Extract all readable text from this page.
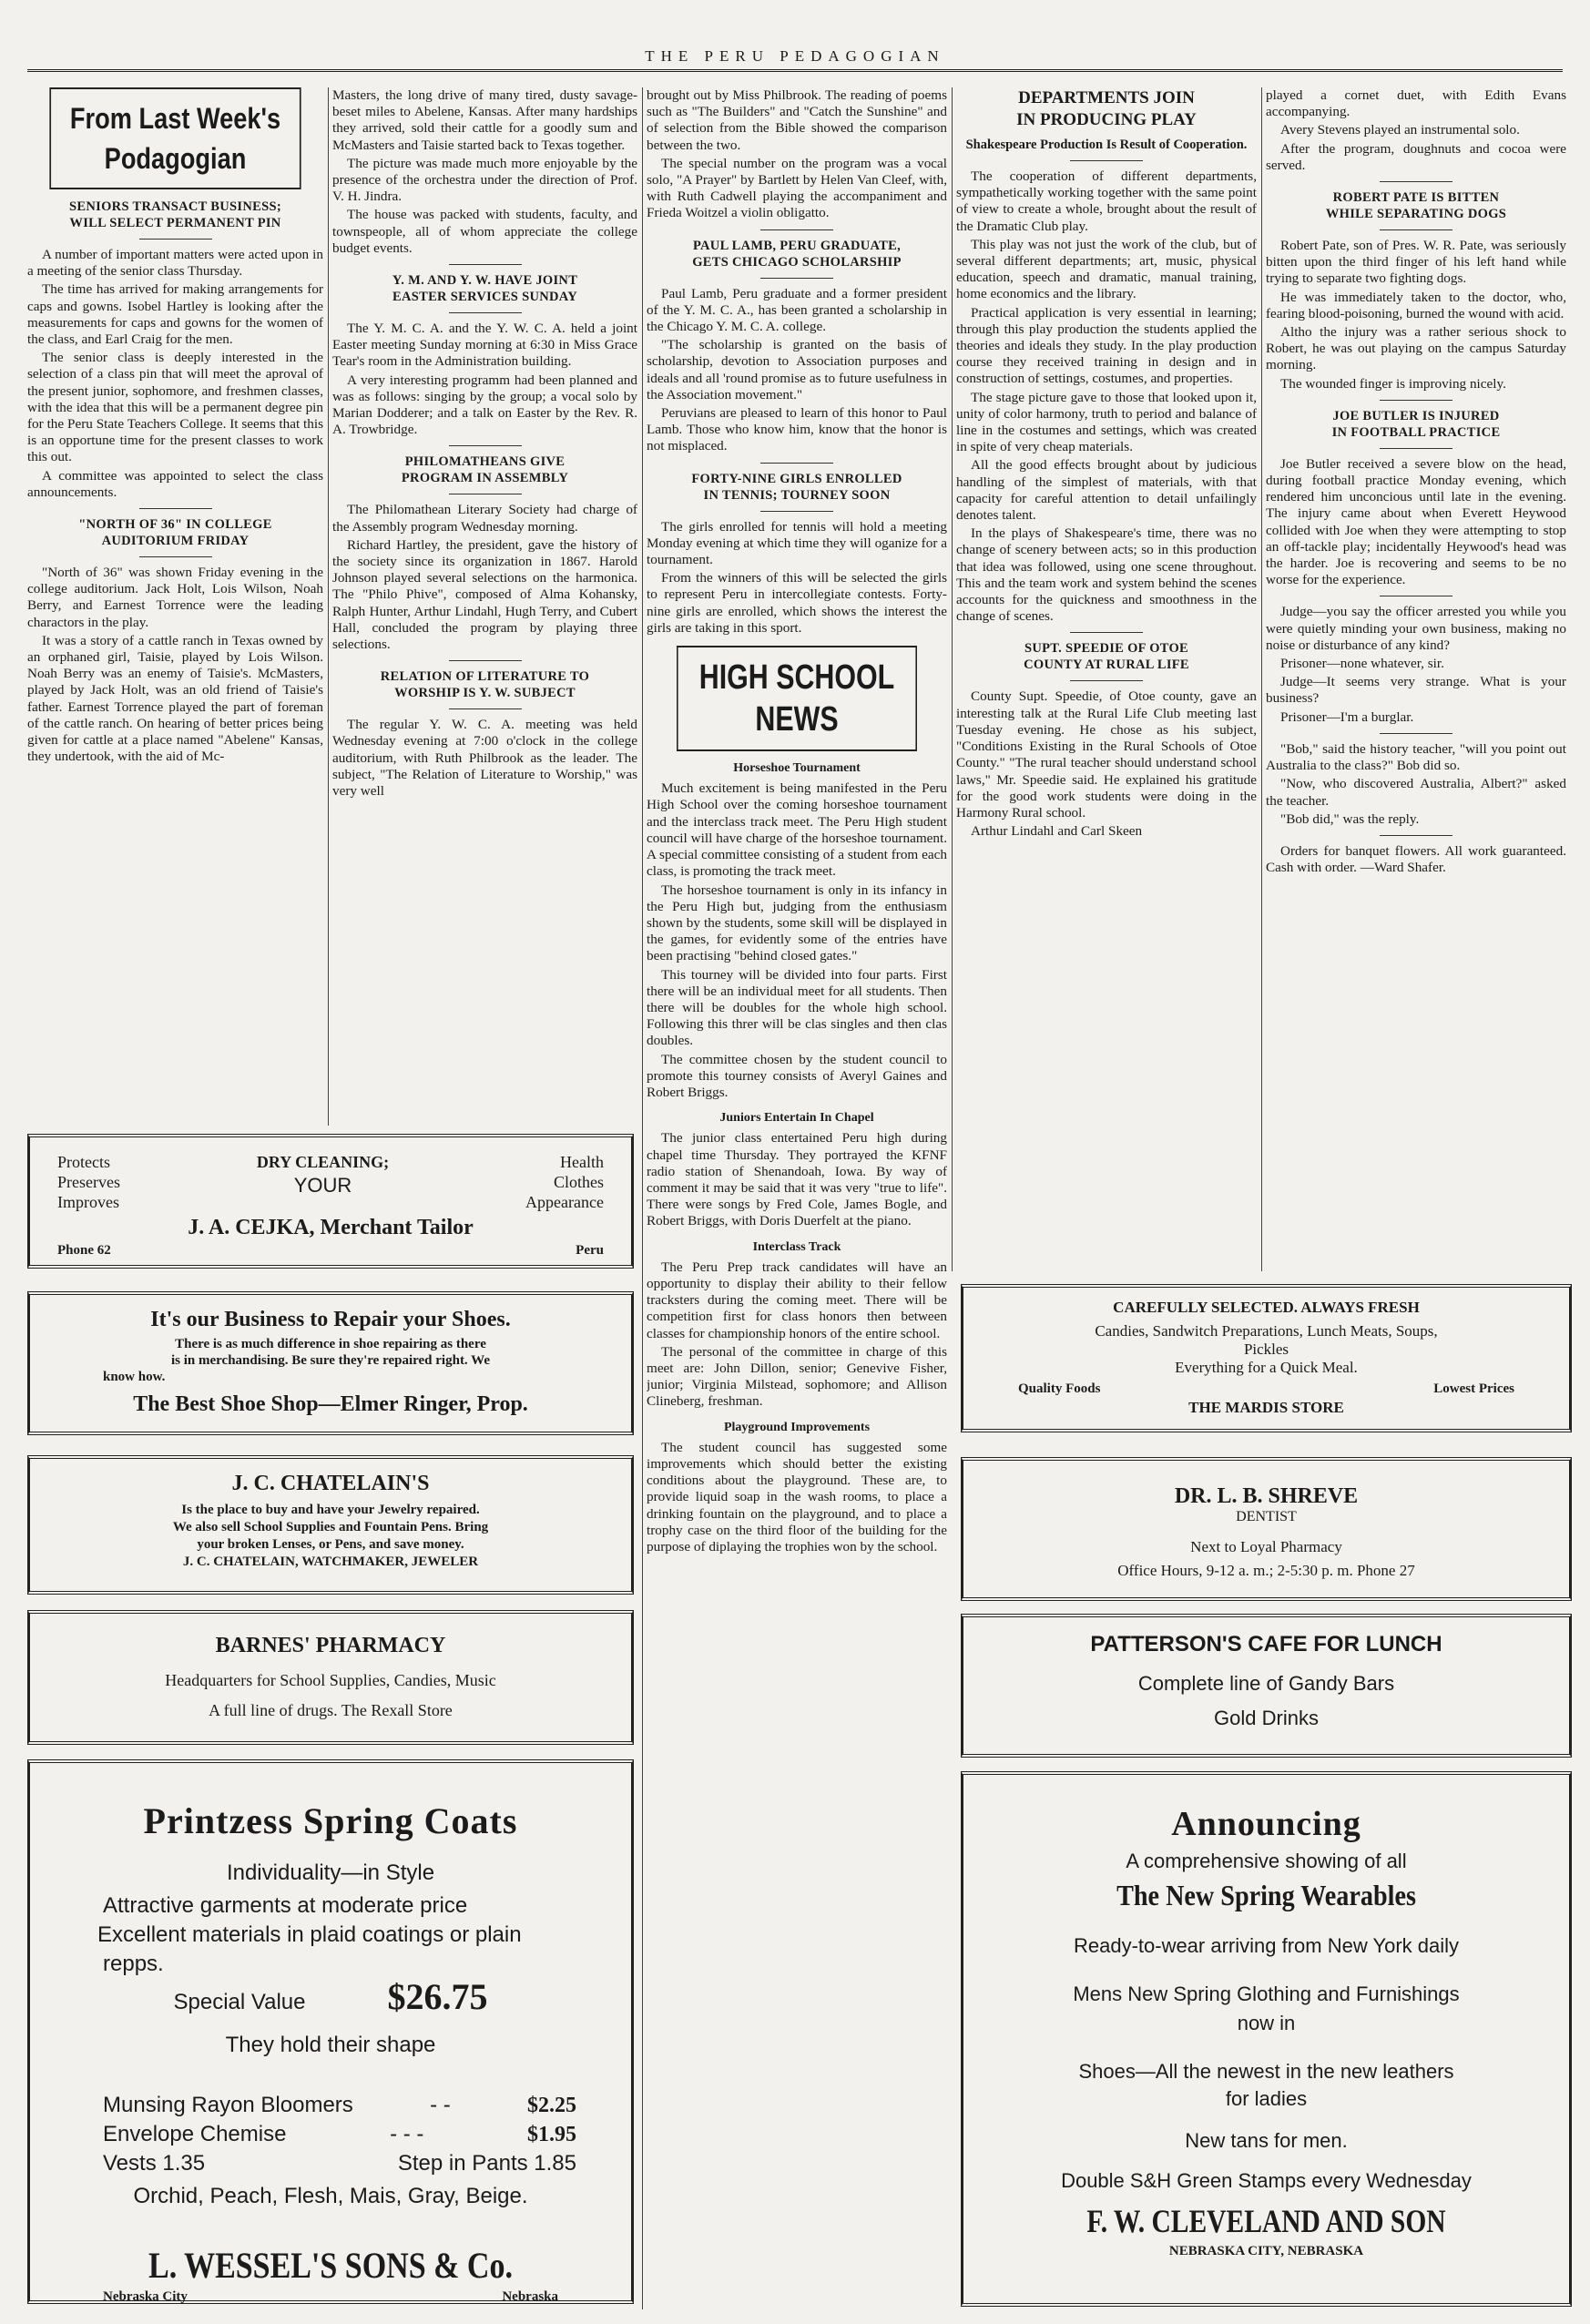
THE PERU PEDAGOGIAN
From Last Week's
Podagogian
SENIORS TRANSACT BUSINESS;
WILL SELECT PERMANENT PIN

A number of important matters were acted upon in a meeting of the senior class Thursday.

The time has arrived for making arrangements for caps and gowns. Isobel Hartley is looking after the measurements for caps and gowns for the women of the class, and Earl Craig for the men.

The senior class is deeply interested in the selection of a class pin that will meet the aproval of the present junior, sophomore, and freshmen classes, with the idea that this will be a permanent degree pin for the Peru State Teachers College. It seems that this is an opportune time for the present classes to work this out.

A committee was appointed to select the class announcements.

"NORTH OF 36" IN COLLEGE
AUDITORIUM FRIDAY

"North of 36" was shown Friday evening in the college auditorium. Jack Holt, Lois Wilson, Noah Berry, and Earnest Torrence were the leading charactors in the play.

It was a story of a cattle ranch in Texas owned by an orphaned girl, Taisie, played by Lois Wilson. Noah Berry was an enemy of Taisie's. McMasters, played by Jack Holt, was an old friend of Taisie's father. Earnest Torrence played the part of foreman of the cattle ranch. On hearing of better prices being given for cattle at a place named "Abelene" Kansas, they undertook, with the aid of Mc-

Masters, the long drive of many tired, dusty savage-beset miles to Abelene, Kansas. After many hardships they arrived, sold their cattle for a goodly sum and McMasters and Taisie started back to Texas together.

The picture was made much more enjoyable by the presence of the orchestra under the direction of Prof. V. H. Jindra.

The house was packed with students, faculty, and townspeople, all of whom appreciate the college budget events.

Y. M. AND Y. W. HAVE JOINT
EASTER SERVICES SUNDAY

The Y. M. C. A. and the Y. W. C. A. held a joint Easter meeting Sunday morning at 6:30 in Miss Grace Tear's room in the Administration building.

A very interesting programm had been planned and was as follows: singing by the group; a vocal solo by Marian Dodderer; and a talk on Easter by the Rev. R. A. Trowbridge.

PHILOMATHEANS GIVE
PROGRAM IN ASSEMBLY

The Philomathean Literary Society had charge of the Assembly program Wednesday morning.

Richard Hartley, the president, gave the history of the society since its organization in 1867. Harold Johnson played several selections on the harmonica. The "Philo Phive", composed of Alma Kohansky, Ralph Hunter, Arthur Lindahl, Hugh Terry, and Cubert Hall, concluded the program by playing three selections.

RELATION OF LITERATURE TO
WORSHIP IS Y. W. SUBJECT

The regular Y. W. C. A. meeting was held Wednesday evening at 7:00 o'clock in the college auditorium, with Ruth Philbrook as the leader. The subject, "The Relation of Literature to Worship," was very well

brought out by Miss Philbrook. The reading of poems such as "The Builders" and "Catch the Sunshine" and of selection from the Bible showed the comparison between the two.

The special number on the program was a vocal solo, "A Prayer" by Bartlett by Helen Van Cleef, with, with Ruth Cadwell playing the accompaniment and Frieda Woitzel a violin obligatto.

PAUL LAMB, PERU GRADUATE,
GETS CHICAGO SCHOLARSHIP

Paul Lamb, Peru graduate and a former president of the Y. M. C. A., has been granted a scholarship in the Chicago Y. M. C. A. college.

"The scholarship is granted on the basis of scholarship, devotion to Association purposes and ideals and all 'round promise as to future usefulness in the Association movement."

Peruvians are pleased to learn of this honor to Paul Lamb. Those who know him, know that the honor is not misplaced.

FORTY-NINE GIRLS ENROLLED
IN TENNIS; TOURNEY SOON

The girls enrolled for tennis will hold a meeting Monday evening at which time they will oganize for a tournament.

From the winners of this will be selected the girls to represent Peru in intercollegiate contests. Forty-nine girls are enrolled, which shows the interest the girls are taking in this sport.

HIGH SCHOOL
NEWS
Horseshoe Tournament

Much excitement is being manifested in the Peru High School over the coming horseshoe tournament and the interclass track meet. The Peru High student council will have charge of the horseshoe tournament. A special committee consisting of a student from each class, is promoting the track meet.

The horseshoe tournament is only in its infancy in the Peru High but, judging from the enthusiasm shown by the students, some skill will be displayed in the games, for evidently some of the entries have been practising "behind closed gates."

This tourney will be divided into four parts. First there will be an individual meet for all students. Then there will be doubles for the whole high school. Following this threr will be clas singles and then clas doubles.

The committee chosen by the student council to promote this tourney consists of Averyl Gaines and Robert Briggs.

Juniors Entertain In Chapel

The junior class entertained Peru high during chapel time Thursday. They portrayed the KFNF radio station of Shenandoah, Iowa. By way of comment it may be said that it was very "true to life". There were songs by Fred Cole, James Bogle, and Robert Briggs, with Doris Duerfelt at the piano.

Interclass Track

The Peru Prep track candidates will have an opportunity to display their ability to their fellow tracksters during the coming meet. There will be competition first for class honors then between classes for championship honors of the entire school.

The personal of the committee in charge of this meet are: John Dillon, senior; Genevive Fisher, junior; Virginia Milstead, sophomore; and Allison Clineberg, freshman.

Playground Improvements

The student council has suggested some improvements which should better the existing conditions about the playground. These are, to provide liquid soap in the wash rooms, to place a drinking fountain on the playground, and to place a trophy case on the third floor of the building for the purpose of diplaying the trophies won by the school.

DEPARTMENTS JOIN
IN PRODUCING PLAY
Shakespeare Production Is Result of Cooperation.

The cooperation of different departments, sympathetically working together with the same point of view to create a whole, brought about the result of the Dramatic Club play.

This play was not just the work of the club, but of several different departments; art, music, physical education, speech and dramatic, manual training, home economics and the library.

Practical application is very essential in learning; through this play production the students applied the theories and ideals they study. In the play production course they received training in design and in construction of settings, costumes, and properties.

The stage picture gave to those that looked upon it, unity of color harmony, truth to period and balance of line in the costumes and settings, which was created in spite of very cheap materials.

All the good effects brought about by judicious handling of the simplest of materials, with that capacity for careful attention to detail unfailingly denotes talent.

In the plays of Shakespeare's time, there was no change of scenery between acts; so in this production that idea was followed, using one scene throughout. This and the team work and system behind the scenes accounts for the quickness and smoothness in the change of scenes.

SUPT. SPEEDIE OF OTOE
COUNTY AT RURAL LIFE

County Supt. Speedie, of Otoe county, gave an interesting talk at the Rural Life Club meeting last Tuesday evening. He chose as his subject, "Conditions Existing in the Rural Schools of Otoe County." "The rural teacher should understand school laws," Mr. Speedie said. He explained his gratitude for the good work students were doing in the Harmony Rural school.

Arthur Lindahl and Carl Skeen

played a cornet duet, with Edith Evans accompanying.

Avery Stevens played an instrumental solo.

After the program, doughnuts and cocoa were served.

ROBERT PATE IS BITTEN
WHILE SEPARATING DOGS

Robert Pate, son of Pres. W. R. Pate, was seriously bitten upon the third finger of his left hand while trying to separate two fighting dogs.

He was immediately taken to the doctor, who, fearing blood-poisoning, burned the wound with acid.

Altho the injury was a rather serious shock to Robert, he was out playing on the campus Saturday morning.

The wounded finger is improving nicely.

JOE BUTLER IS INJURED
IN FOOTBALL PRACTICE

Joe Butler received a severe blow on the head, during football practice Monday evening, which rendered him unconcious until late in the evening. The injury came about when Everett Heywood collided with Joe when they were attempting to stop an off-tackle play; incidentally Heywood's head was the harder. Joe is recovering and seems to be no worse for the experience.

Judge—you say the officer arrested you while you were quietly minding your own business, making no noise or disturbance of any kind?

Prisoner—none whatever, sir.

Judge—It seems very strange. What is your business?

Prisoner—I'm a burglar.

"Bob," said the history teacher, "will you point out Australia to the class?" Bob did so.

"Now, who discovered Australia, Albert?" asked the teacher.

"Bob did," was the reply.

Orders for banquet flowers. All work guaranteed. Cash with order. —Ward Shafer.

Protects
Preserves
Improves
DRY CLEANING;
YOUR
Health
Clothes
Appearance
J. A. CEJKA, Merchant Tailor
Phone 62	Peru
It's our Business to Repair your Shoes.
There is as much difference in shoe repairing as there
is in merchandising. Be sure they're repaired right. We
know how.
The Best Shoe Shop—Elmer Ringer, Prop.
J. C. CHATELAIN'S
Is the place to buy and have your Jewelry repaired.
We also sell School Supplies and Fountain Pens. Bring
your broken Lenses, or Pens, and save money.
J. C. CHATELAIN, WATCHMAKER, JEWELER
BARNES' PHARMACY
Headquarters for School Supplies, Candies, Music
A full line of drugs. The Rexall Store
Printzess Spring Coats
Individuality—in Style
Attractive garments at moderate price
Excellent materials in plaid coatings or plain
repps.
Special Value $26.75
They hold their shape
Munsing Rayon Bloomers	- -	$2.25
Envelope Chemise	- - -	$1.95
Vests 1.35	Step in Pants 1.85
Orchid, Peach, Flesh, Mais, Gray, Beige.
L. WESSEL'S SONS & Co.
Nebraska City	Nebraska
CAREFULLY SELECTED. ALWAYS FRESH
Candies, Sandwitch Preparations, Lunch Meats, Soups,
Pickles
Everything for a Quick Meal.
Quality Foods	Lowest Prices
THE MARDIS STORE
DR. L. B. SHREVE
DENTIST
Next to Loyal Pharmacy
Office Hours, 9-12 a. m.; 2-5:30 p. m. Phone 27
PATTERSON'S CAFE FOR LUNCH
Complete line of Gandy Bars
Gold Drinks
Announcing
A comprehensive showing of all
The New Spring Wearables
Ready-to-wear arriving from New York daily
Mens New Spring Glothing and Furnishings
now in
Shoes—All the newest in the new leathers
for ladies
New tans for men.
Double S&H Green Stamps every Wednesday
F. W. CLEVELAND AND SON
NEBRASKA CITY, NEBRASKA
